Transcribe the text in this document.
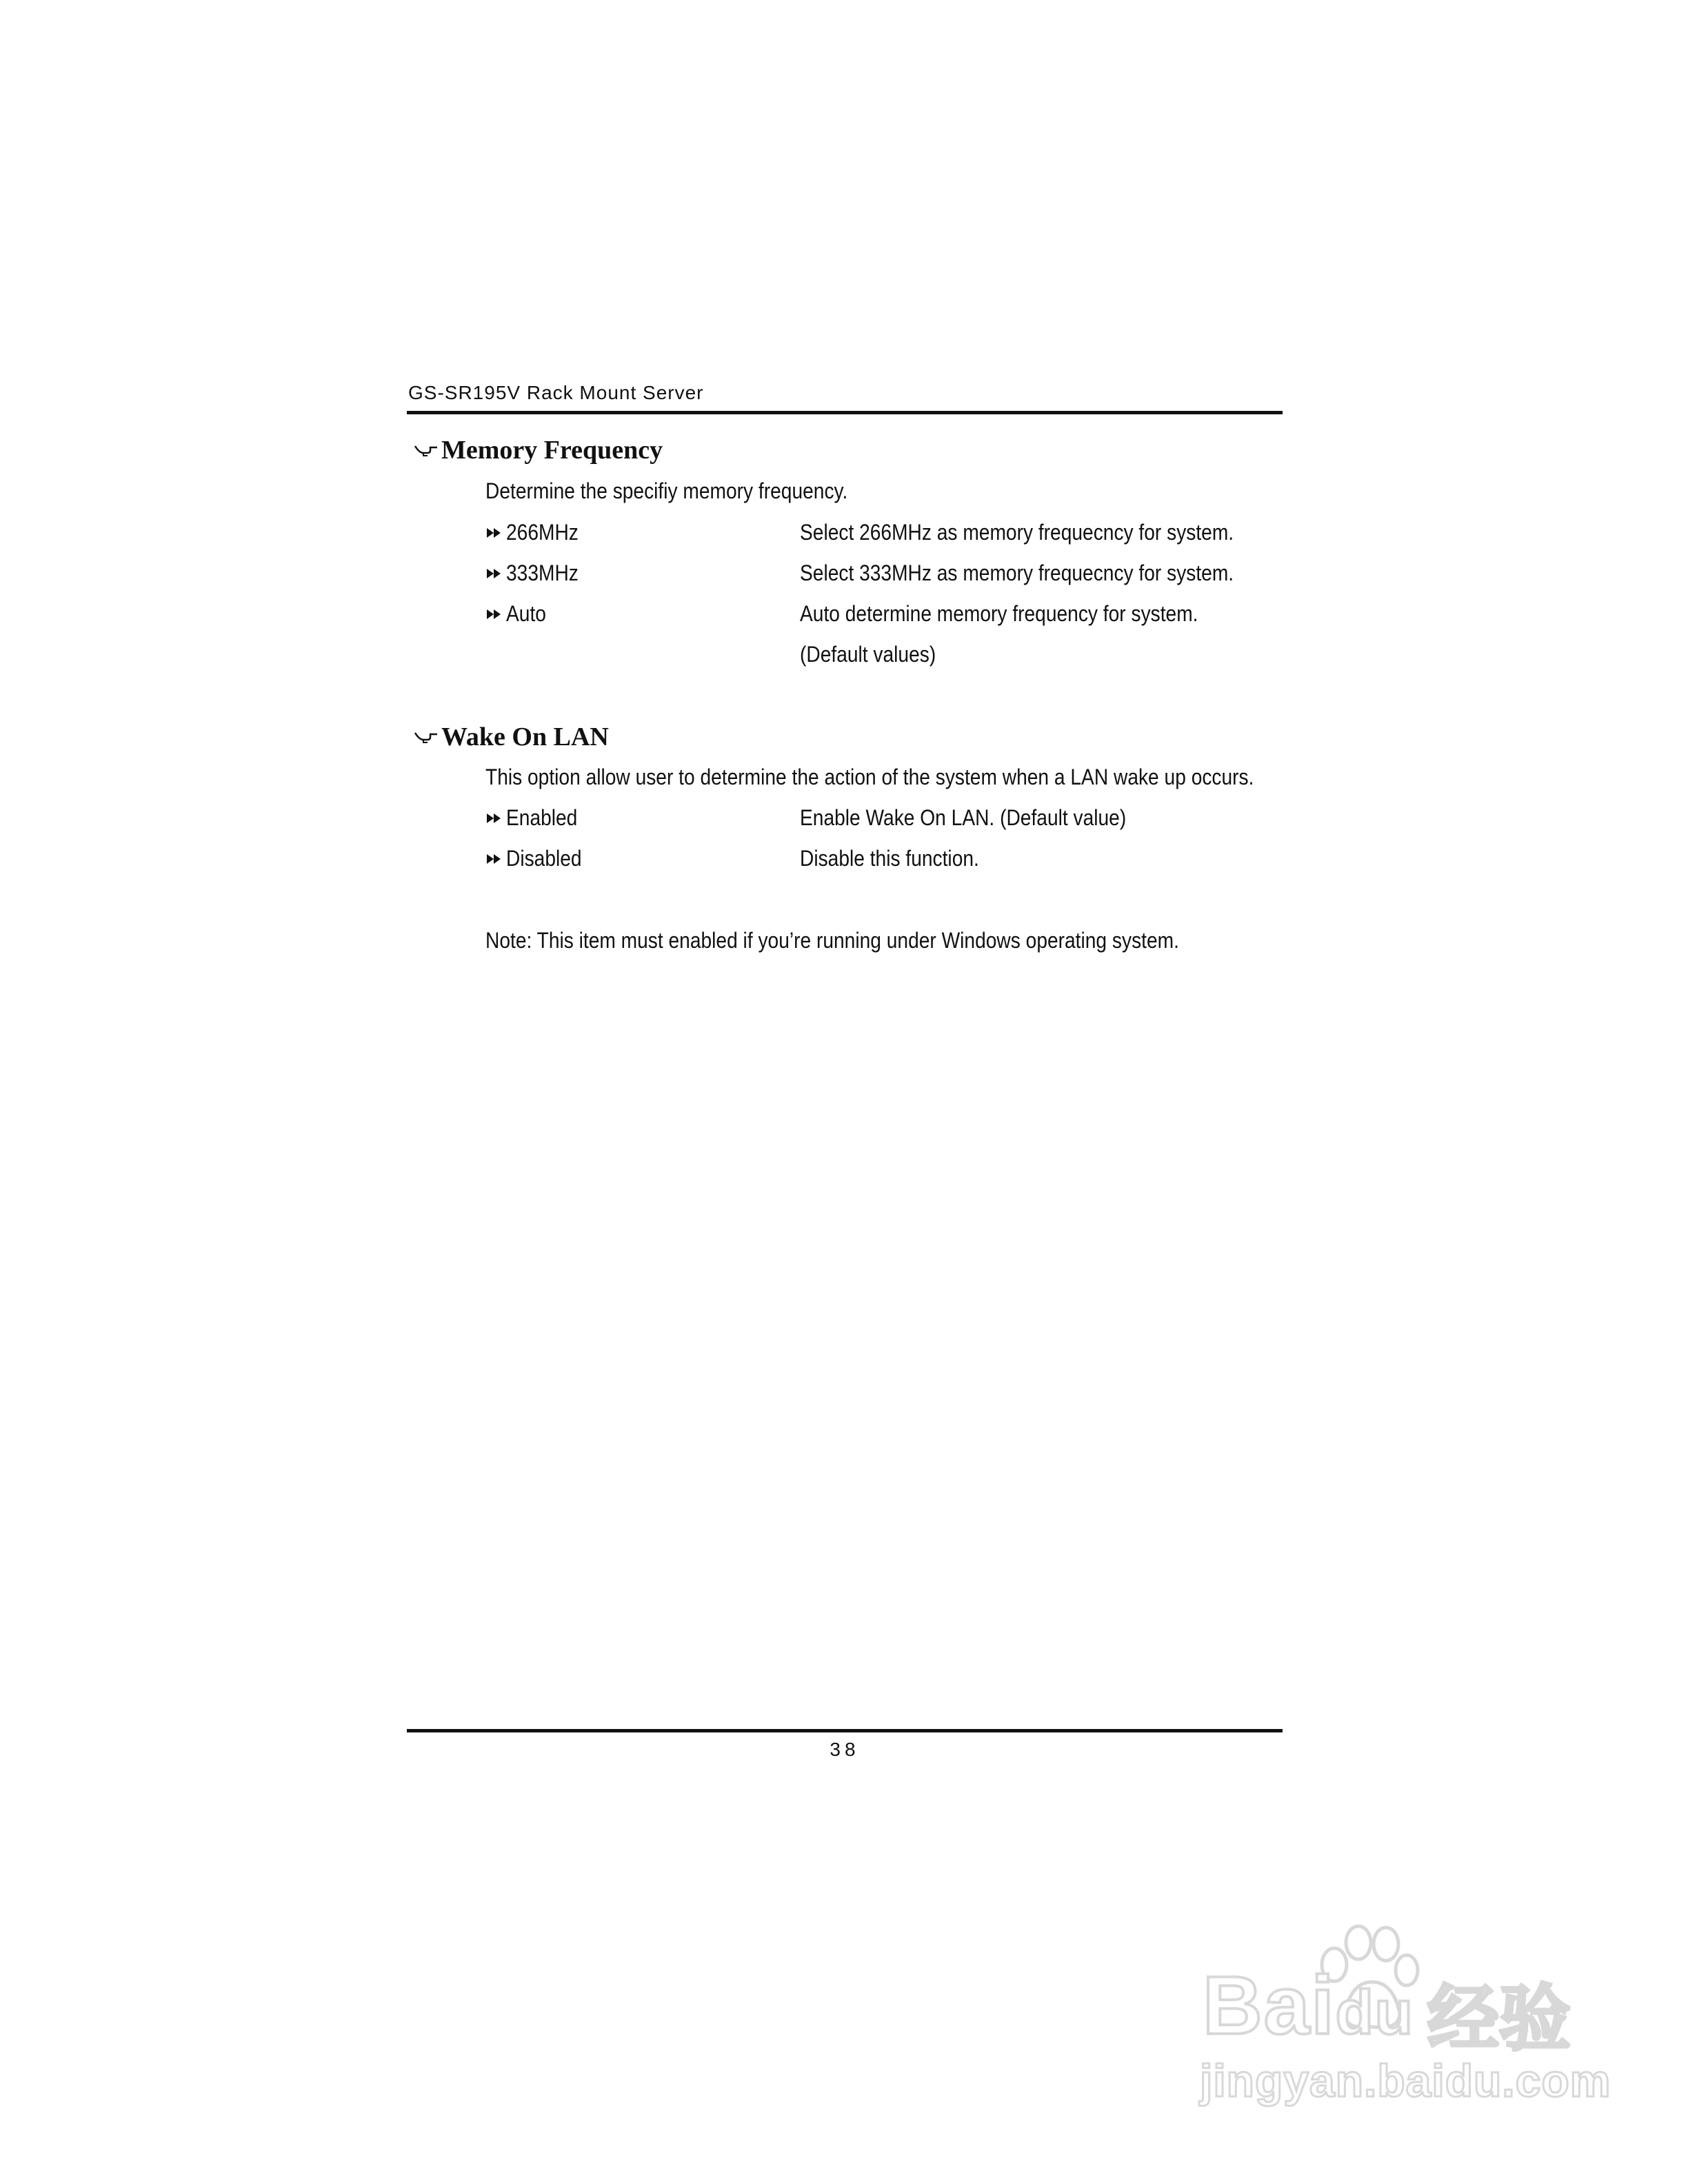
GS-SR195V Rack Mount Server
Memory Frequency
Determine the specifiy memory frequency.
266MHz	Select 266MHz as memory frequecncy for system.
333MHz	Select 333MHz as memory frequecncy for system.
Auto	Auto determine memory frequency for system.
(Default values)
Wake On LAN
This option allow user to determine the action of the system when a LAN wake up occurs.
Enabled	Enable Wake On LAN. (Default value)
Disabled	Disable this function.
Note: This item must enabled if you’re running under Windows operating system.
38
Baidu 经验
jingyan.baidu.com
